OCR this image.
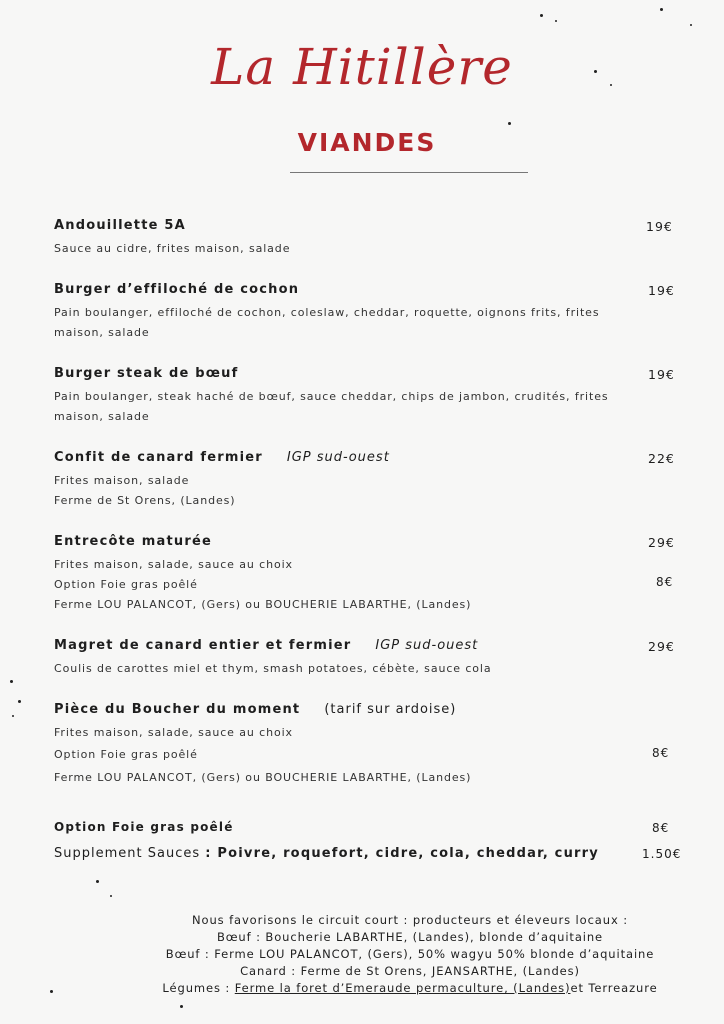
La Hitillère
VIANDES
Andouillette 5A	19€
Sauce au cidre, frites maison, salade
Burger d’effiloché de cochon	19€
Pain boulanger, effiloché de cochon, coleslaw, cheddar, roquette, oignons frits, frites maison, salade
Burger steak de bœuf	19€
Pain boulanger, steak haché de bœuf, sauce cheddar, chips de jambon, crudités, frites maison, salade
Confit de canard fermier IGP sud-ouest	22€
Frites maison, salade
Ferme de St Orens, (Landes)
Entrecôte maturée	29€
Frites maison, salade, sauce au choix
Option Foie gras poêlé	8€
Ferme LOU PALANCOT, (Gers) ou BOUCHERIE LABARTHE, (Landes)
Magret de canard entier et fermier IGP sud-ouest	29€
Coulis de carottes miel et thym, smash potatoes, cébète, sauce cola
Pièce du Boucher du moment (tarif sur ardoise)
Frites maison, salade, sauce au choix
Option Foie gras poêlé	8€
Ferme LOU PALANCOT, (Gers) ou BOUCHERIE LABARTHE, (Landes)
Option Foie gras poêlé	8€
Supplement Sauces : Poivre, roquefort, cidre, cola, cheddar, curry	1.50€
Nous favorisons le circuit court : producteurs et éleveurs locaux :
Bœuf : Boucherie LABARTHE, (Landes), blonde d’aquitaine
Bœuf : Ferme LOU PALANCOT, (Gers), 50% wagyu 50% blonde d’aquitaine
Canard : Ferme de St Orens, JEANSARTHE, (Landes)
Légumes : Ferme la foret d’Emeraude permaculture, (Landes)et Terreazure
